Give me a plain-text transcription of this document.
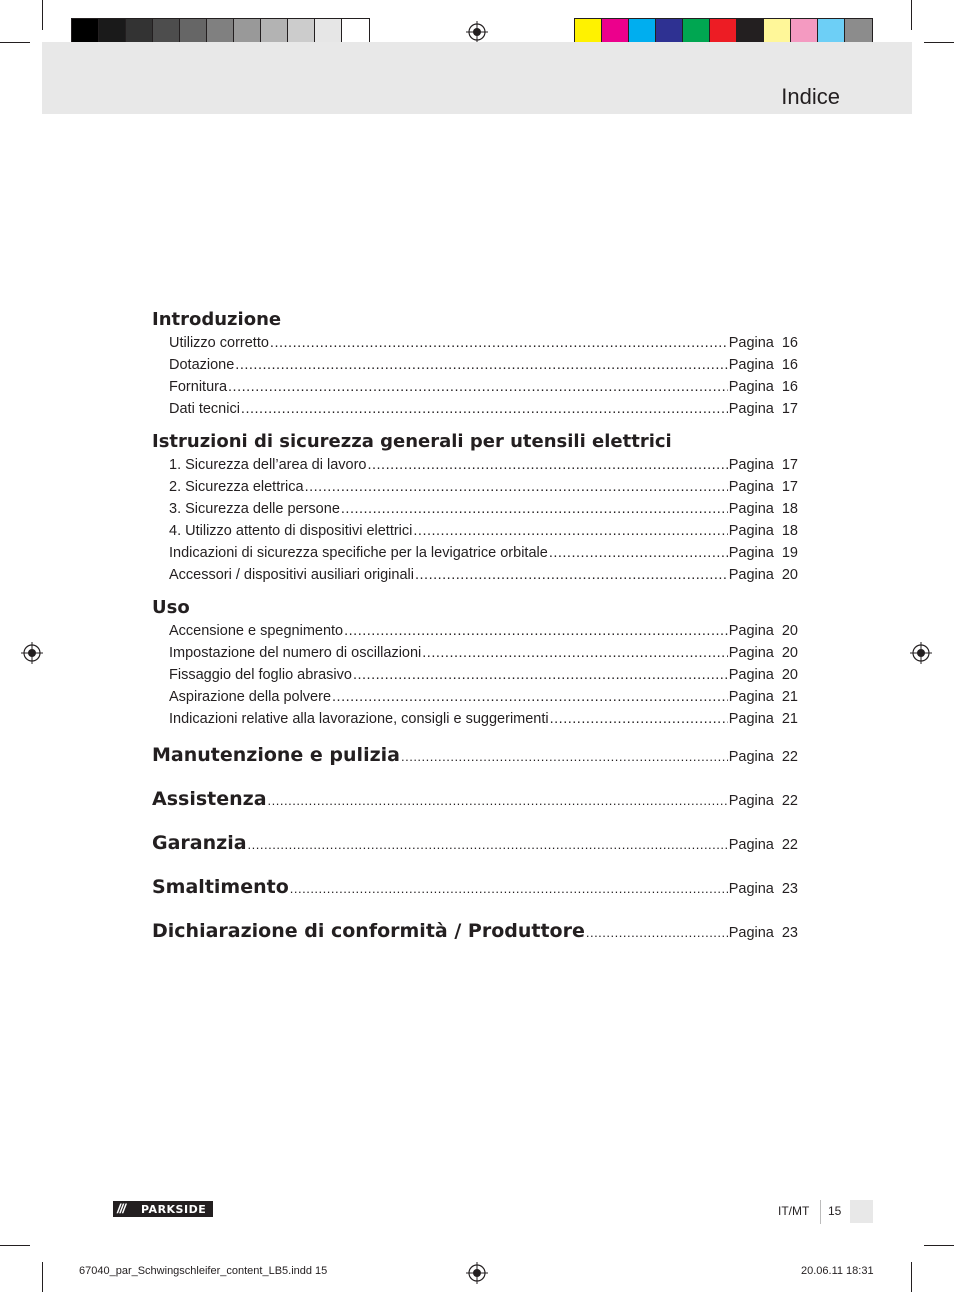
Indice
Introduzione
Utilizzo corretto .....	Pagina 16
Dotazione .....	Pagina 16
Fornitura .....	Pagina 16
Dati tecnici .....	Pagina 17
Istruzioni di sicurezza generali per utensili elettrici
1. Sicurezza dell’area di lavoro .....	Pagina 17
2. Sicurezza elettrica .....	Pagina 17
3. Sicurezza delle persone .....	Pagina 18
4. Utilizzo attento di dispositivi elettrici .....	Pagina 18
Indicazioni di sicurezza specifiche per la levigatrice orbitale .....	Pagina 19
Accessori / dispositivi ausiliari originali .....	Pagina 20
Uso
Accensione e spegnimento .....	Pagina 20
Impostazione del numero di oscillazioni .....	Pagina 20
Fissaggio del foglio abrasivo .....	Pagina 20
Aspirazione della polvere .....	Pagina 21
Indicazioni relative alla lavorazione, consigli e suggerimenti .....	Pagina 21
Manutenzione e pulizia .....	Pagina 22
Assistenza .....	Pagina 22
Garanzia .....	Pagina 22
Smaltimento .....	Pagina 23
Dichiarazione di conformità / Produttore .....	Pagina 23
///	PARKSIDE	IT/MT 15
67040_par_Schwingschleifer_content_LB5.indd 15	20.06.11 18:31
